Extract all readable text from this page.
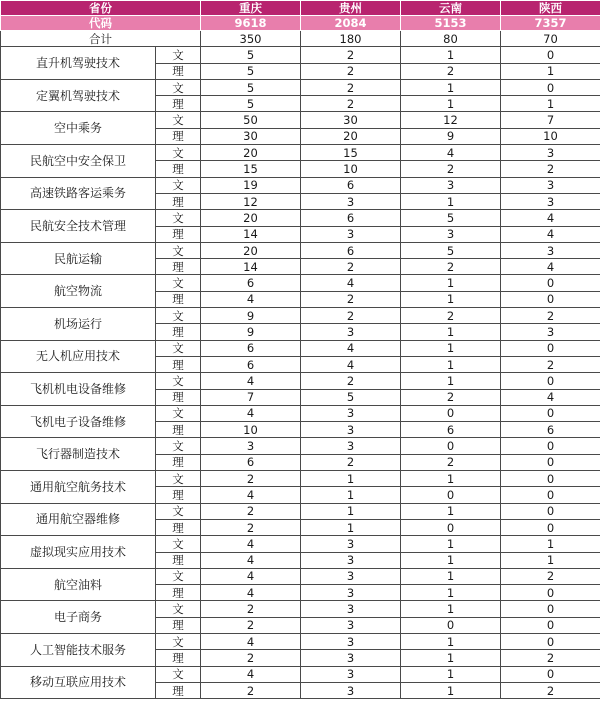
省份		重庆	贵州	云南	陕西
代码		9618	2084	5153	7357
合计		350	180	80	70
直升机驾驶技术	文	5	2	1	0
	理	5	2	2	1
定翼机驾驶技术	文	5	2	1	0
	理	5	2	1	1
空中乘务	文	50	30	12	7
	理	30	20	9	10
民航空中安全保卫	文	20	15	4	3
	理	15	10	2	2
高速铁路客运乘务	文	19	6	3	3
	理	12	3	1	3
民航安全技术管理	文	20	6	5	4
	理	14	3	3	4
民航运输	文	20	6	5	3
	理	14	2	2	4
航空物流	文	6	4	1	0
	理	4	2	1	0
机场运行	文	9	2	2	2
	理	9	3	1	3
无人机应用技术	文	6	4	1	0
	理	6	4	1	2
飞机机电设备维修	文	4	2	1	0
	理	7	5	2	4
飞机电子设备维修	文	4	3	0	0
	理	10	3	6	6
飞行器制造技术	文	3	3	0	0
	理	6	2	2	0
通用航空航务技术	文	2	1	1	0
	理	4	1	0	0
通用航空器维修	文	2	1	1	0
	理	2	1	0	0
虚拟现实应用技术	文	4	3	1	1
	理	4	3	1	1
航空油料	文	4	3	1	2
	理	4	3	1	0
电子商务	文	2	3	1	0
	理	2	3	0	0
人工智能技术服务	文	4	3	1	0
	理	2	3	1	2
移动互联应用技术	文	4	3	1	0
	理	2	3	1	2
